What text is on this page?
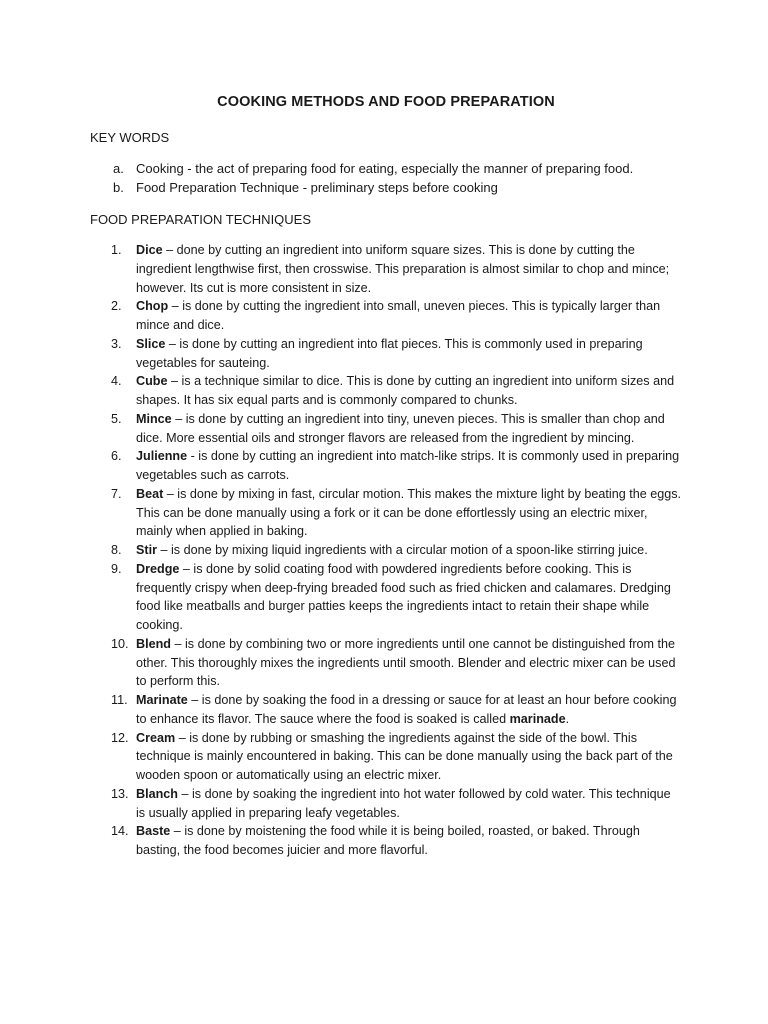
COOKING METHODS AND FOOD PREPARATION
KEY WORDS
a. Cooking - the act of preparing food for eating, especially the manner of preparing food.
b. Food Preparation Technique - preliminary steps before cooking
FOOD PREPARATION TECHNIQUES
1.	Dice – done by cutting an ingredient into uniform square sizes. This is done by cutting the ingredient lengthwise first, then crosswise. This preparation is almost similar to chop and mince; however. Its cut is more consistent in size.
2.	Chop – is done by cutting the ingredient into small, uneven pieces. This is typically larger than mince and dice.
3.	Slice – is done by cutting an ingredient into flat pieces. This is commonly used in preparing vegetables for sauteing.
4.	Cube – is a technique similar to dice. This is done by cutting an ingredient into uniform sizes and shapes. It has six equal parts and is commonly compared to chunks.
5.	Mince – is done by cutting an ingredient into tiny, uneven pieces. This is smaller than chop and dice. More essential oils and stronger flavors are released from the ingredient by mincing.
6.	Julienne - is done by cutting an ingredient into match-like strips. It is commonly used in preparing vegetables such as carrots.
7.	Beat – is done by mixing in fast, circular motion. This makes the mixture light by beating the eggs. This can be done manually using a fork or it can be done effortlessly using an electric mixer, mainly when applied in baking.
8.	Stir – is done by mixing liquid ingredients with a circular motion of a spoon-like stirring juice.
9.	Dredge – is done by solid coating food with powdered ingredients before cooking. This is frequently crispy when deep-frying breaded food such as fried chicken and calamares. Dredging food like meatballs and burger patties keeps the ingredients intact to retain their shape while cooking.
10. Blend – is done by combining two or more ingredients until one cannot be distinguished from the other. This thoroughly mixes the ingredients until smooth. Blender and electric mixer can be used to perform this.
11. Marinate – is done by soaking the food in a dressing or sauce for at least an hour before cooking to enhance its flavor. The sauce where the food is soaked is called marinade.
12. Cream – is done by rubbing or smashing the ingredients against the side of the bowl. This technique is mainly encountered in baking. This can be done manually using the back part of the wooden spoon or automatically using an electric mixer.
13. Blanch – is done by soaking the ingredient into hot water followed by cold water. This technique is usually applied in preparing leafy vegetables.
14. Baste – is done by moistening the food while it is being boiled, roasted, or baked. Through basting, the food becomes juicier and more flavorful.
